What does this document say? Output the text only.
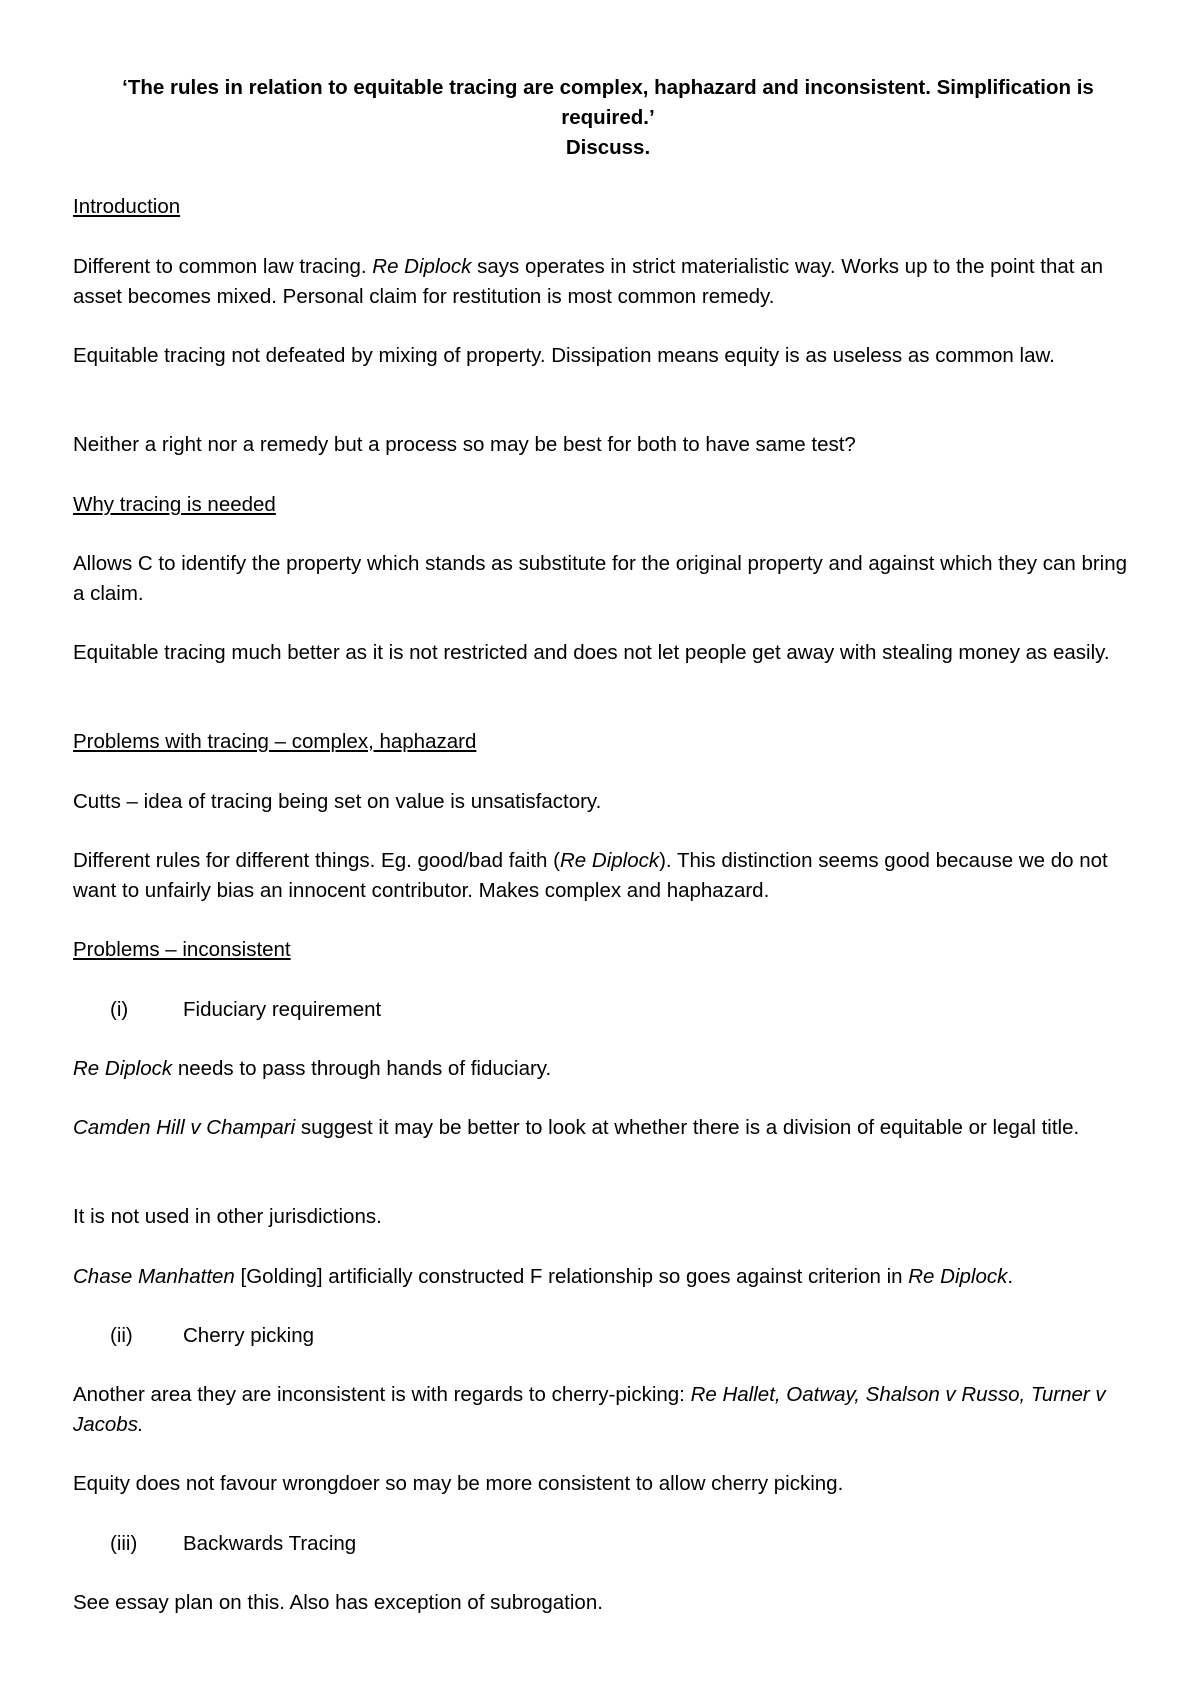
‘The rules in relation to equitable tracing are complex, haphazard and inconsistent. Simplification is required.’

Discuss.

Introduction

Different to common law tracing. Re Diplock says operates in strict materialistic way. Works up to the point that an asset becomes mixed. Personal claim for restitution is most common remedy.

Equitable tracing not defeated by mixing of property. Dissipation means equity is as useless as common law.

Neither a right nor a remedy but a process so may be best for both to have same test?

Why tracing is needed

Allows C to identify the property which stands as substitute for the original property and against which they can bring a claim.

Equitable tracing much better as it is not restricted and does not let people get away with stealing money as easily.

Problems with tracing – complex, haphazard

Cutts – idea of tracing being set on value is unsatisfactory.

Different rules for different things. Eg. good/bad faith (Re Diplock). This distinction seems good because we do not want to unfairly bias an innocent contributor. Makes complex and haphazard.

Problems – inconsistent

(i)	Fiduciary requirement

Re Diplock needs to pass through hands of fiduciary.

Camden Hill v Champari suggest it may be better to look at whether there is a division of equitable or legal title.

It is not used in other jurisdictions.

Chase Manhatten [Golding] artificially constructed F relationship so goes against criterion in Re Diplock.

(ii) Cherry picking

Another area they are inconsistent is with regards to cherry-picking: Re Hallet, Oatway, Shalson v Russo, Turner v Jacobs.

Equity does not favour wrongdoer so may be more consistent to allow cherry picking.

(iii) Backwards Tracing

See essay plan on this. Also has exception of subrogation.
